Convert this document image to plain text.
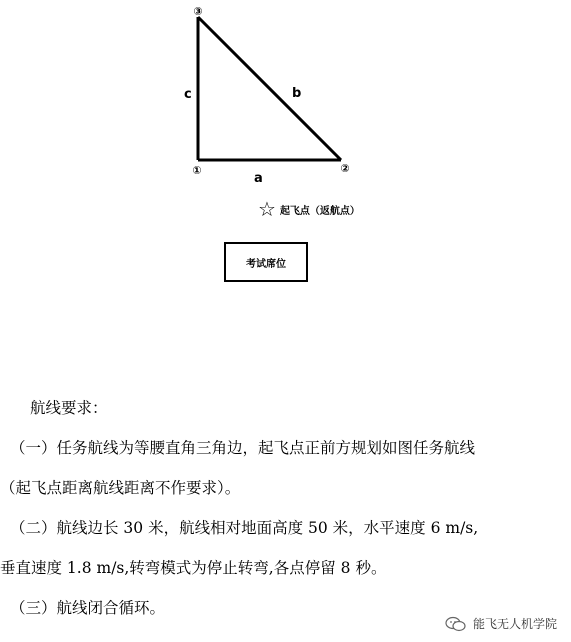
③
①	②
c	b
a
☆ 起飞点（返航点）
考试席位

航线要求：

（一）任务航线为等腰直角三角边，起飞点正前方规划如图任务航线

（起飞点距离航线距离不作要求）。

（二）航线边长 30 米，航线相对地面高度 50 米，水平速度 6 m/s,

垂直速度 1.8 m/s,转弯模式为停止转弯,各点停留 8 秒。

（三）航线闭合循环。

能飞无人机学院
